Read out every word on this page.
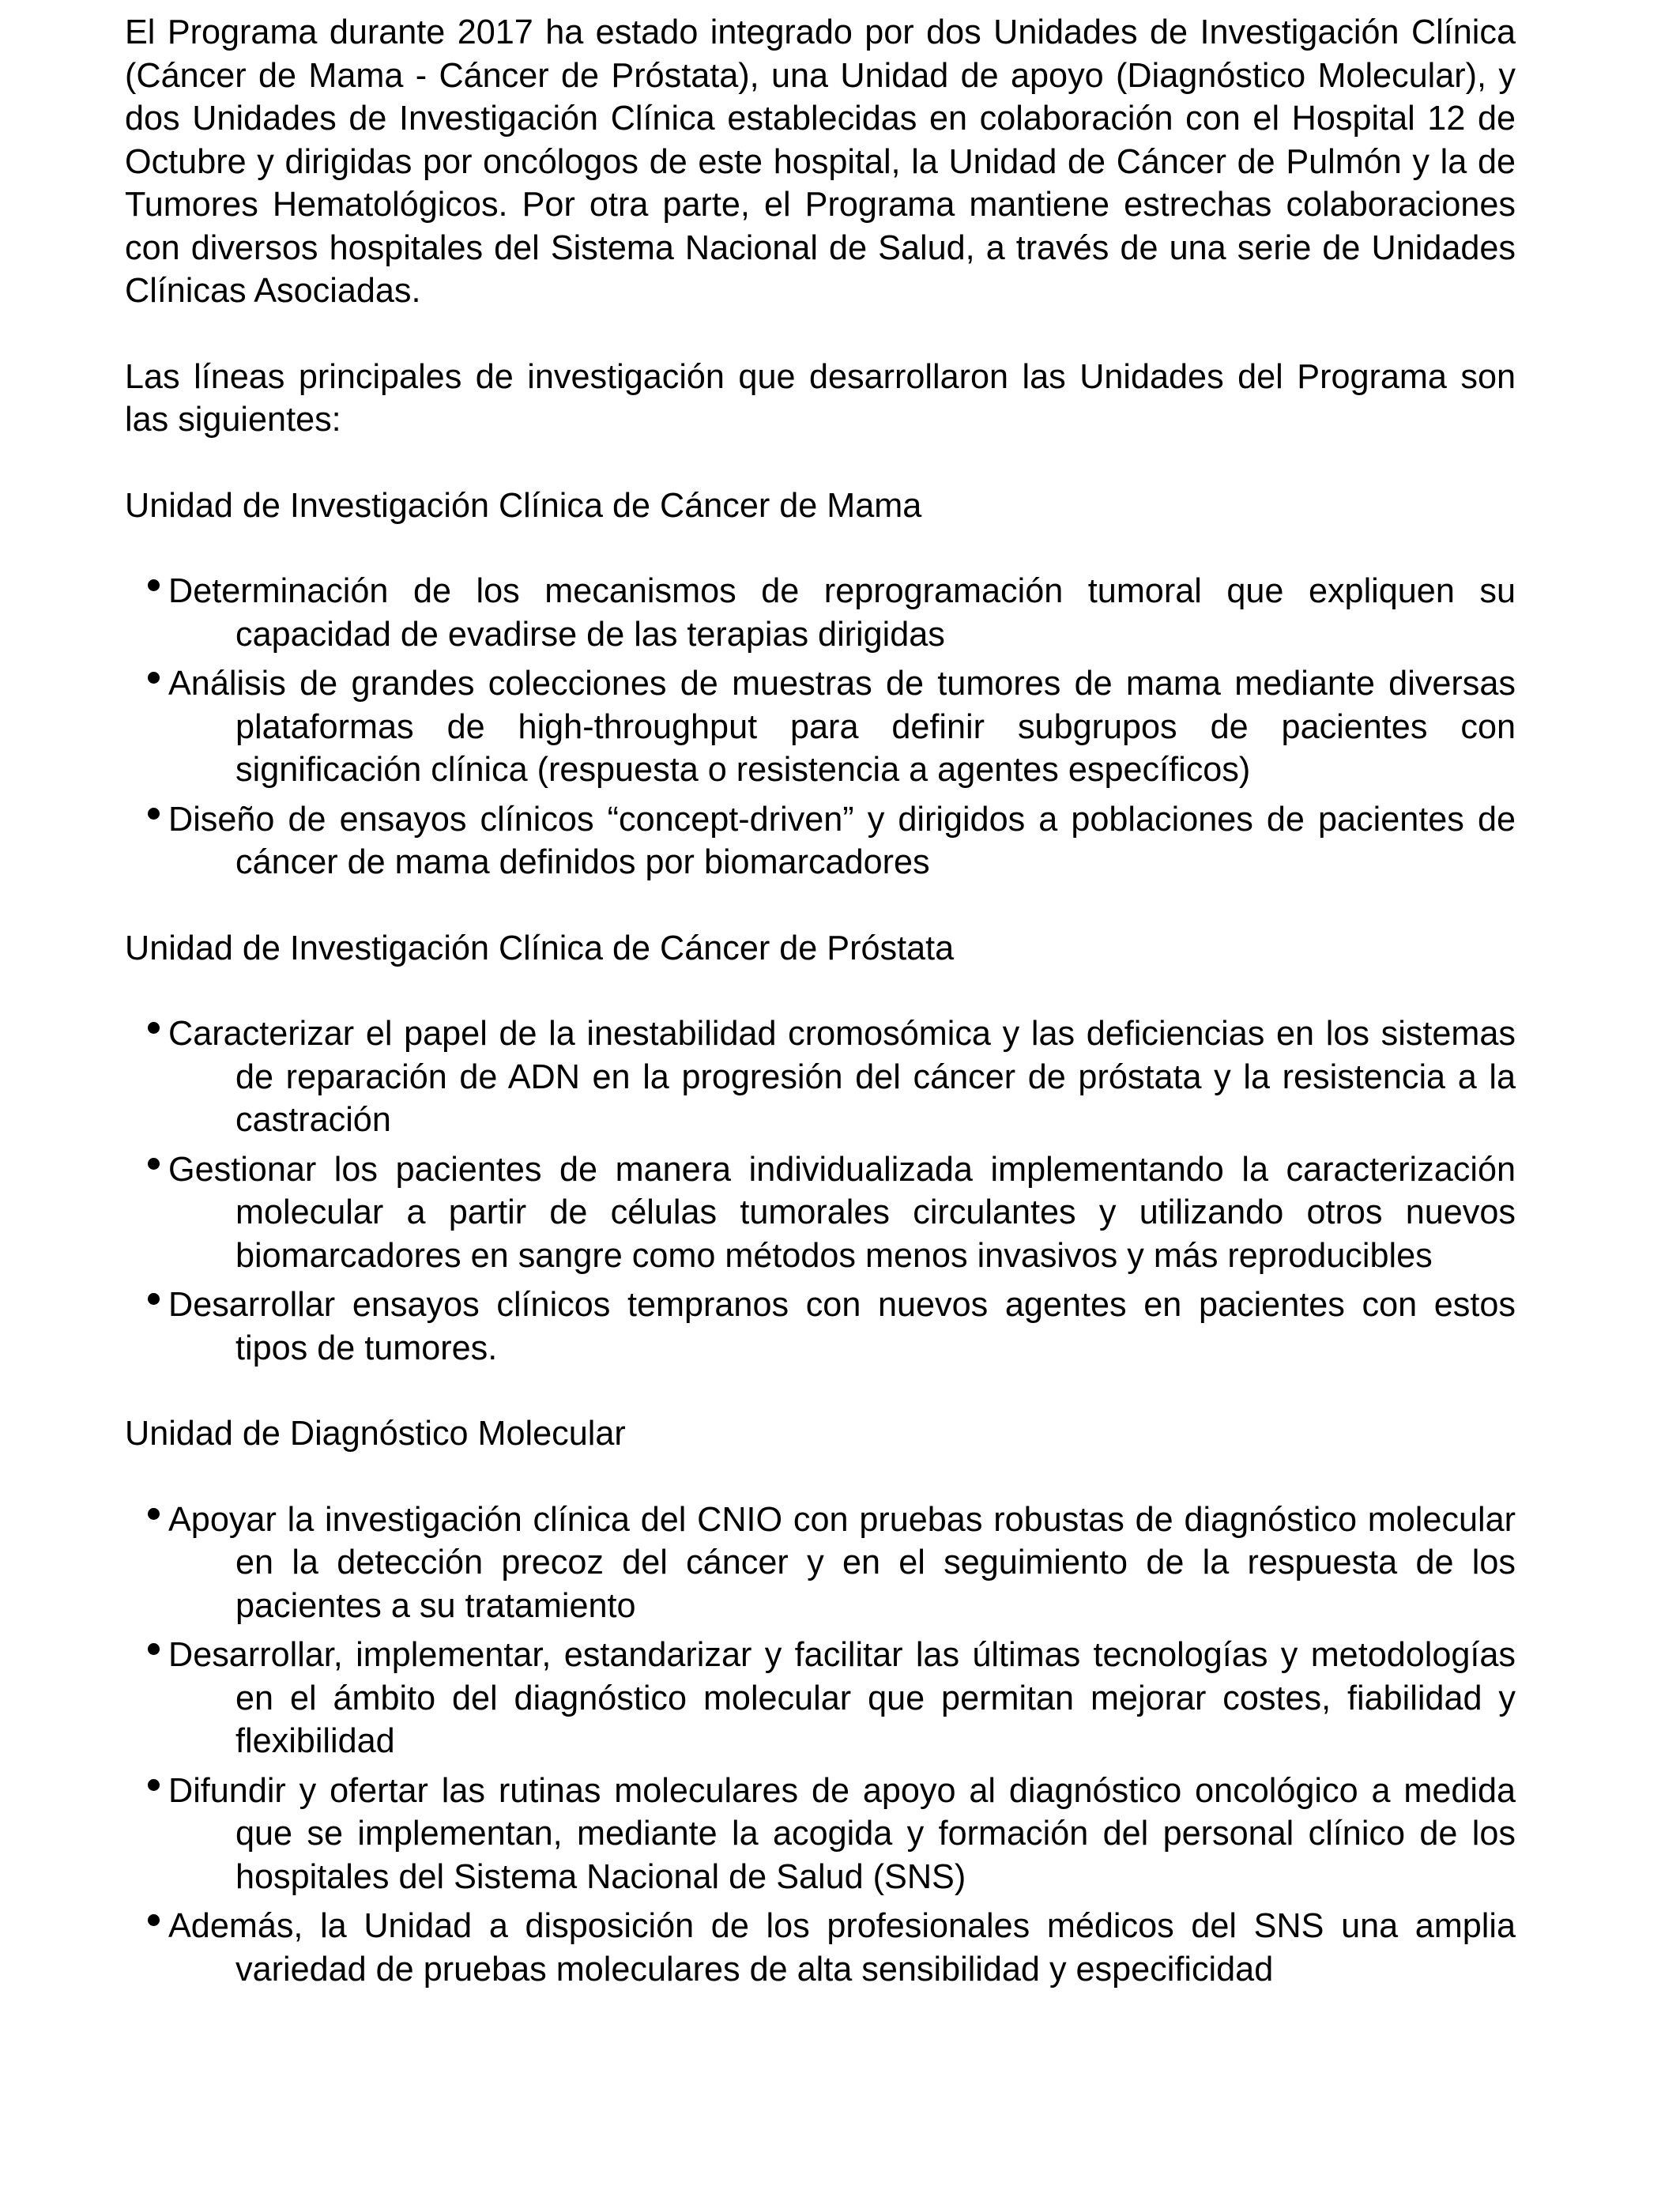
El Programa durante 2017 ha estado integrado por dos Unidades de Investigación Clínica (Cáncer de Mama - Cáncer de Próstata), una Unidad de apoyo (Diagnóstico Molecular), y dos Unidades de Investigación Clínica establecidas en colaboración con el Hospital 12 de Octubre y dirigidas por oncólogos de este hospital, la Unidad de Cáncer de Pulmón y la de Tumores Hematológicos. Por otra parte, el Programa mantiene estrechas colaboraciones con diversos hospitales del Sistema Nacional de Salud, a través de una serie de Unidades Clínicas Asociadas.

Las líneas principales de investigación que desarrollaron las Unidades del Programa son las siguientes:

Unidad de Investigación Clínica de Cáncer de Mama

Determinación de los mecanismos de reprogramación tumoral que expliquen su capacidad de evadirse de las terapias dirigidas
Análisis de grandes colecciones de muestras de tumores de mama mediante diversas plataformas de high-throughput para definir subgrupos de pacientes con significación clínica (respuesta o resistencia a agentes específicos)
Diseño de ensayos clínicos “concept-driven” y dirigidos a poblaciones de pacientes de cáncer de mama definidos por biomarcadores

Unidad de Investigación Clínica de Cáncer de Próstata

Caracterizar el papel de la inestabilidad cromosómica y las deficiencias en los sistemas de reparación de ADN en la progresión del cáncer de próstata y la resistencia a la castración
Gestionar los pacientes de manera individualizada implementando la caracterización molecular a partir de células tumorales circulantes y utilizando otros nuevos biomarcadores en sangre como métodos menos invasivos y más reproducibles
Desarrollar ensayos clínicos tempranos con nuevos agentes en pacientes con estos tipos de tumores.

Unidad de Diagnóstico Molecular

Apoyar la investigación clínica del CNIO con pruebas robustas de diagnóstico molecular en la detección precoz del cáncer y en el seguimiento de la respuesta de los pacientes a su tratamiento
Desarrollar, implementar, estandarizar y facilitar las últimas tecnologías y metodologías en el ámbito del diagnóstico molecular que permitan mejorar costes, fiabilidad y flexibilidad
Difundir y ofertar las rutinas moleculares de apoyo al diagnóstico oncológico a medida que se implementan, mediante la acogida y formación del personal clínico de los hospitales del Sistema Nacional de Salud (SNS)
Además, la Unidad a disposición de los profesionales médicos del SNS una amplia variedad de pruebas moleculares de alta sensibilidad y especificidad
